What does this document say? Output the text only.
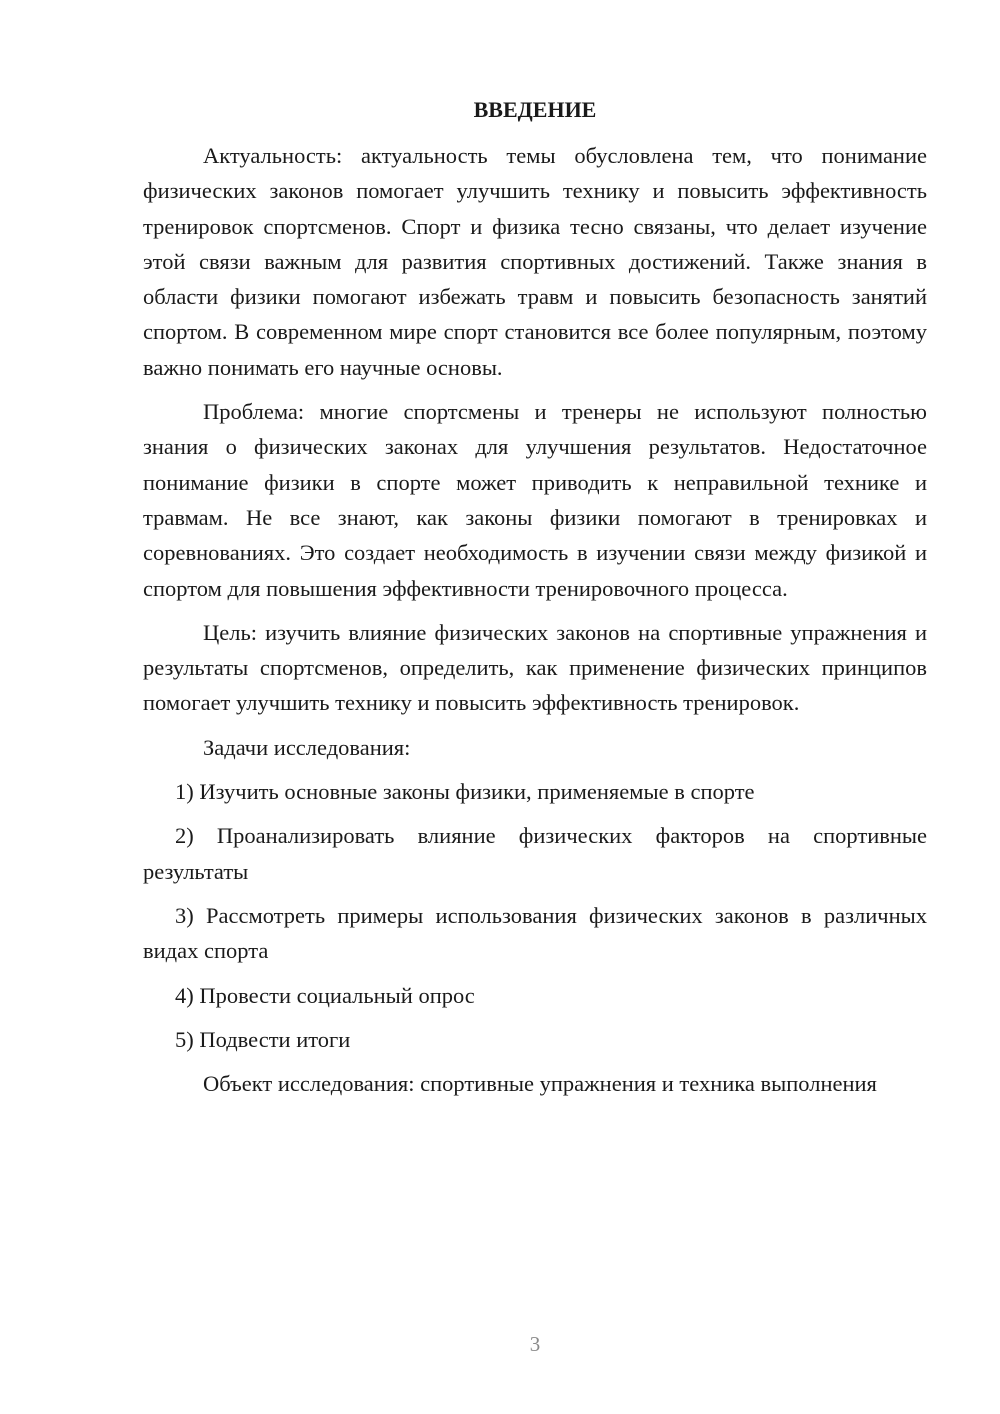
ВВЕДЕНИЕ

Актуальность: актуальность темы обусловлена тем, что понимание физических законов помогает улучшить технику и повысить эффективность тренировок спортсменов. Спорт и физика тесно связаны, что делает изучение этой связи важным для развития спортивных достижений. Также знания в области физики помогают избежать травм и повысить безопасность занятий спортом. В современном мире спорт становится все более популярным, поэтому важно понимать его научные основы.

Проблема: многие спортсмены и тренеры не используют полностью знания о физических законах для улучшения результатов. Недостаточное понимание физики в спорте может приводить к неправильной технике и травмам. Не все знают, как законы физики помогают в тренировках и соревнованиях. Это создает необходимость в изучении связи между физикой и спортом для повышения эффективности тренировочного процесса.

Цель: изучить влияние физических законов на спортивные упражнения и результаты спортсменов, определить, как применение физических принципов помогает улучшить технику и повысить эффективность тренировок.

Задачи исследования:

1) Изучить основные законы физики, применяемые в спорте

2) Проанализировать влияние физических факторов на спортивные результаты

3) Рассмотреть примеры использования физических законов в различных видах спорта

4) Провести социальный опрос

5) Подвести итоги

Объект исследования: спортивные упражнения и техника выполнения

3
